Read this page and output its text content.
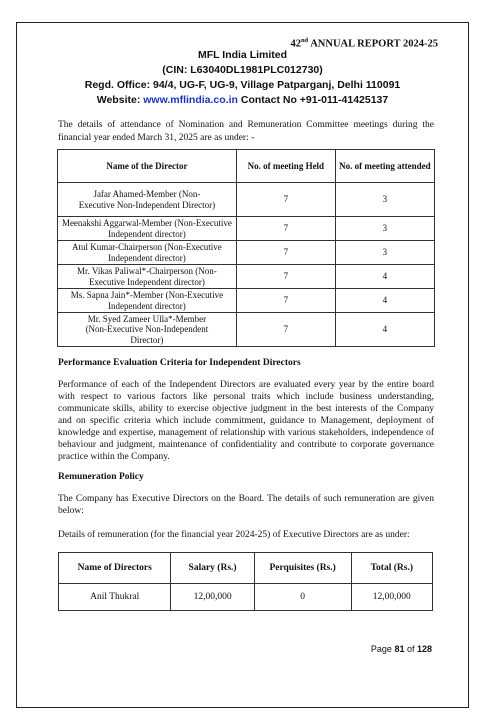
42nd ANNUAL REPORT 2024-25
MFL India Limited
(CIN: L63040DL1981PLC012730)
Regd. Office: 94/4, UG-F, UG-9, Village Patparganj, Delhi 110091
Website: www.mflindia.co.in Contact No +91-011-41425137
The details of attendance of Nomination and Remuneration Committee meetings during the financial year ended March 31, 2025 are as under: -
Name of the Director	No. of meeting Held	No. of meeting attended
Jafar Ahamed-Member (Non-Executive Non-Independent Director)	7	3
Meenakshi Aggarwal-Member (Non-Executive Independent director)	7	3
Atul Kumar-Chairperson (Non-Executive Independent director)	7	3
Mr. Vikas Paliwal*-Chairperson (Non-Executive Independent director)	7	4
Ms. Sapna Jain*-Member (Non-Executive Independent director)	7	4
Mr. Syed Zameer Ulla*-Member (Non-Executive Non-Independent Director)	7	4
Performance Evaluation Criteria for Independent Directors
Performance of each of the Independent Directors are evaluated every year by the entire board with respect to various factors like personal traits which include business understanding, communicate skills, ability to exercise objective judgment in the best interests of the Company and on specific criteria which include commitment, guidance to Management, deployment of knowledge and expertise, management of relationship with various stakeholders, independence of behaviour and judgment, maintenance of confidentiality and contribute to corporate governance practice within the Company.
Remuneration Policy
The Company has Executive Directors on the Board. The details of such remuneration are given below:
Details of remuneration (for the financial year 2024-25) of Executive Directors are as under:
Name of Directors	Salary (Rs.)	Perquisites (Rs.)	Total (Rs.)
Anil Thukral	12,00,000	0	12,00,000
Page 81 of 128
